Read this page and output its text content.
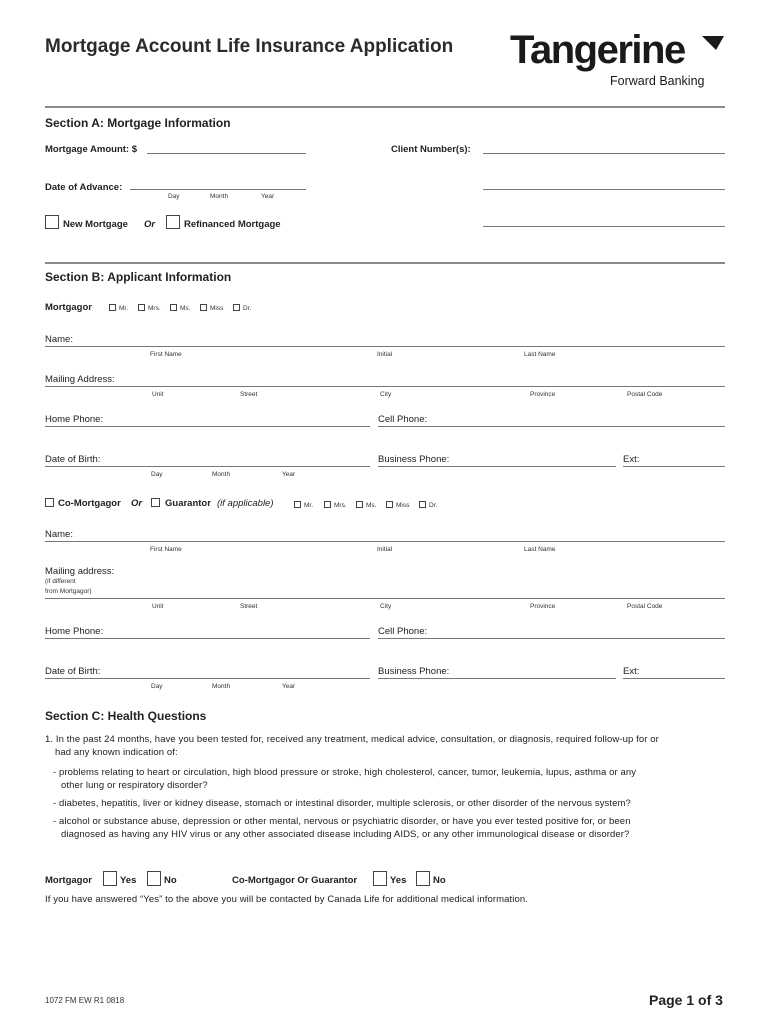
Mortgage Account Life Insurance Application Tangerine
Forward Banking
Section A: Mortgage Information
Mortgage Amount: $	Client Number(s):
Date of Advance:
Day	Month	Year
New Mortgage Or	Refinanced Mortgage
Section B: Applicant Information
Mortgagor	Mr.	Mrs.	Ms.	Miss	Dr.
Name:
First Name	Initial	Last Name
Mailing Address:
Unit	Street	City	Province	Postal Code
Home Phone:	Cell Phone:
Date of Birth:
Day	Month	Year
Business Phone:	Ext:
Co-Mortgagor Or Guarantor (if applicable)	Mr.	Mrs.	Ms.	Miss	Dr.
Name:
First Name	Initial	Last Name
Mailing address:
(if different
from Mortgagor)
Unit	Street	City	Province	Postal Code
Home Phone:	Cell Phone:
Date of Birth:
Day	Month	Year
Business Phone:	Ext:
Section C: Health Questions
1. In the past 24 months, have you been tested for, received any treatment, medical advice, consultation, or diagnosis, required follow-up for or
had any known indication of:
- problems relating to heart or circulation, high blood pressure or stroke, high cholesterol, cancer, tumor, leukemia, lupus, asthma or any
other lung or respiratory disorder?
- diabetes, hepatitis, liver or kidney disease, stomach or intestinal disorder, multiple sclerosis, or other disorder of the nervous system?
- alcohol or substance abuse, depression or other mental, nervous or psychiatric disorder, or have you ever tested positive for, or been
diagnosed as having any HIV virus or any other associated disease including AIDS, or any other immunological disease or disorder?
Mortgagor	Yes	No	Co-Mortgagor Or Guarantor	Yes	No
If you have answered “Yes” to the above you will be contacted by Canada Life for additional medical information.
1072 FM EW R1 0818	Page 1 of 3
